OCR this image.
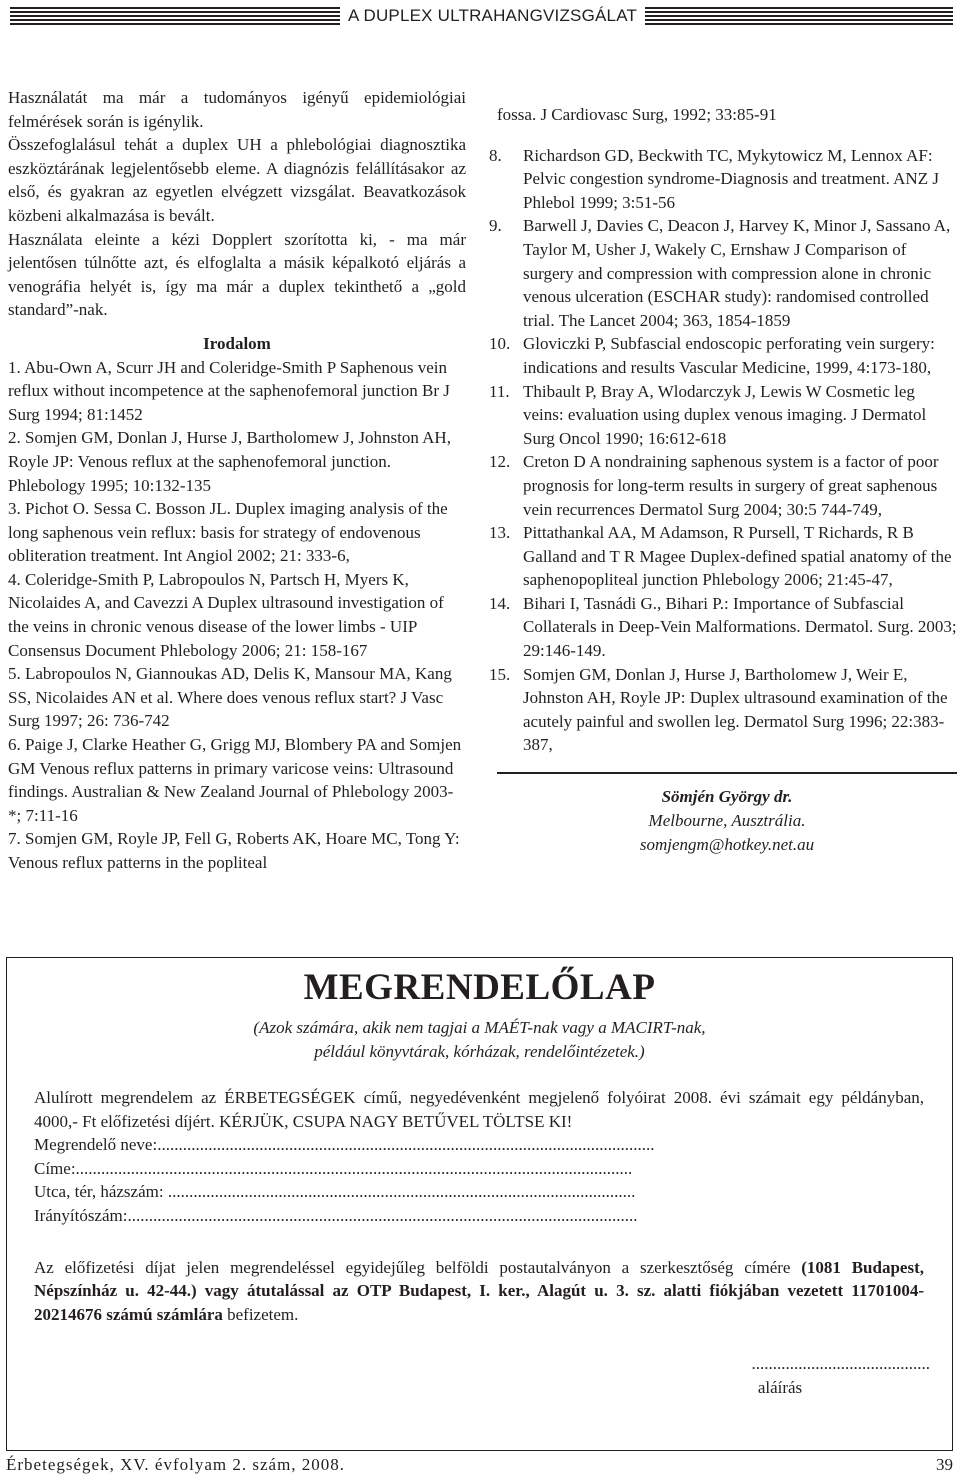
A DUPLEX ULTRAHANGVIZSGÁLAT

Használatát ma már a tudományos igényű epidemiológiai felmérések során is igénylik.

Összefoglalásul tehát a duplex UH a phlebológiai diagnosztika eszköztárának legjelentősebb eleme. A diagnózis felállításakor az első, és gyakran az egyetlen elvégzett vizsgálat. Beavatkozások közbeni alkalmazása is bevált.

Használata eleinte a kézi Dopplert szorította ki, - ma már jelentősen túlnőtte azt, és elfoglalta a másik képalkotó eljárás a venográfia helyét is, így ma már a duplex tekinthető a „gold standard”-nak.

Irodalom

1. Abu-Own A, Scurr JH and Coleridge-Smith P Saphenous vein reflux without incompetence at the saphenofemoral junction Br J Surg 1994; 81:1452

2. Somjen GM, Donlan J, Hurse J, Bartholomew J, Johnston AH, Royle JP: Venous reflux at the saphenofemoral junction. Phlebology 1995; 10:132-135

3. Pichot O. Sessa C. Bosson JL. Duplex imaging analysis of the long saphenous vein reflux: basis for strategy of endovenous obliteration treatment. Int Angiol 2002; 21: 333-6,

4. Coleridge-Smith P, Labropoulos N, Partsch H, Myers K, Nicolaides A, and Cavezzi A Duplex ultrasound investigation of the veins in chronic venous disease of the lower limbs - UIP Consensus Document Phlebology 2006; 21: 158-167

5. Labropoulos N, Giannoukas AD, Delis K, Mansour MA, Kang SS, Nicolaides AN et al. Where does venous reflux start? J Vasc Surg 1997; 26: 736-742

6. Paige J, Clarke Heather G, Grigg MJ, Blombery PA and Somjen GM Venous reflux patterns in primary varicose veins: Ultrasound findings. Australian & New Zealand Journal of Phlebology 2003-*; 7:11-16

7. Somjen GM, Royle JP, Fell G, Roberts AK, Hoare MC, Tong Y: Venous reflux patterns in the popliteal

fossa. J Cardiovasc Surg, 1992; 33:85-91

8. Richardson GD, Beckwith TC, Mykytowicz M, Lennox AF: Pelvic congestion syndrome-Diagnosis and treatment. ANZ J Phlebol 1999; 3:51-56

9. Barwell J, Davies C, Deacon J, Harvey K, Minor J, Sassano A, Taylor M, Usher J, Wakely C, Ernshaw J Comparison of surgery and compression with compression alone in chronic venous ulceration (ESCHAR study): randomised controlled trial. The Lancet 2004; 363, 1854-1859

10. Gloviczki P, Subfascial endoscopic perforating vein surgery: indications and results Vascular Medicine, 1999, 4:173-180,

11. Thibault P, Bray A, Wlodarczyk J, Lewis W Cosmetic leg veins: evaluation using duplex venous imaging. J Dermatol Surg Oncol 1990; 16:612-618

12. Creton D A nondraining saphenous system is a factor of poor prognosis for long-term results in surgery of great saphenous vein recurrences Dermatol Surg 2004; 30:5 744-749,

13. Pittathankal AA, M Adamson, R Pursell, T Richards, R B Galland and T R Magee Duplex-defined spatial anatomy of the saphenopopliteal junction Phlebology 2006; 21:45-47,

14. Bihari I, Tasnádi G., Bihari P.: Importance of Subfascial Collaterals in Deep-Vein Malformations. Dermatol. Surg. 2003; 29:146-149.

15. Somjen GM, Donlan J, Hurse J, Bartholomew J, Weir E, Johnston AH, Royle JP: Duplex ultrasound examination of the acutely painful and swollen leg. Dermatol Surg 1996; 22:383-387,

Sömjén György dr.
Melbourne, Ausztrália.
somjengm@hotkey.net.au
MEGRENDELŐLAP
(Azok számára, akik nem tagjai a MAÉT-nak vagy a MACIRT-nak,
például könyvtárak, kórházak, rendelőintézetek.)

Alulírott megrendelem az ÉRBETEGSÉGEK című, negyedévenként megjelenő folyóirat 2008. évi számait egy példányban, 4000,- Ft előfizetési díjért. KÉRJÜK, CSUPA NAGY BETŰVEL TÖLTSE KI!

Megrendelő neve:.....................................................................................................................

Címe:...................................................................................................................................

Utca, tér, házszám: ..............................................................................................................

Irányítószám:........................................................................................................................

Az előfizetési díjat jelen megrendeléssel egyidejűleg belföldi postautalványon a szerkesztőség címére (1081 Budapest, Népszínház u. 42-44.) vagy átutalással az OTP Budapest, I. ker., Alagút u. 3. sz. alatti fiókjában vezetett 11701004-20214676 számú számlára befizetem.

..........................................
aláírás
Érbetegségek, XV. évfolyam 2. szám, 2008.	39
